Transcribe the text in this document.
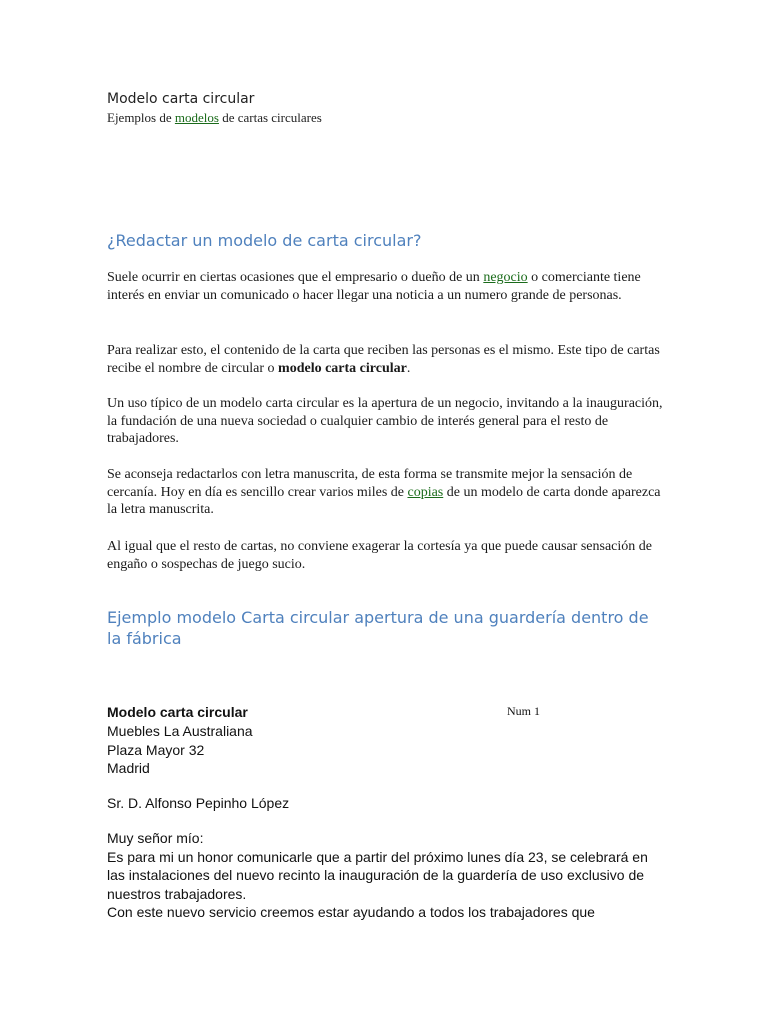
Modelo carta circular
Ejemplos de modelos de cartas circulares
¿Redactar un modelo de carta circular?

Suele ocurrir en ciertas ocasiones que el empresario o dueño de un negocio o comerciante tiene interés en enviar un comunicado o hacer llegar una noticia a un numero grande de personas.

Para realizar esto, el contenido de la carta que reciben las personas es el mismo. Este tipo de cartas recibe el nombre de circular o modelo carta circular.

Un uso típico de un modelo carta circular es la apertura de un negocio, invitando a la inauguración, la fundación de una nueva sociedad o cualquier cambio de interés general para el resto de trabajadores.

Se aconseja redactarlos con letra manuscrita, de esta forma se transmite mejor la sensación de cercanía. Hoy en día es sencillo crear varios miles de copias de un modelo de carta donde aparezca la letra manuscrita.

Al igual que el resto de cartas, no conviene exagerar la cortesía ya que puede causar sensación de engaño o sospechas de juego sucio.

Ejemplo modelo Carta circular apertura de una guardería dentro de la fábrica
Modelo carta circular	Num 1
Muebles La Australiana
Plaza Mayor 32
Madrid
Sr. D. Alfonso Pepinho López

Muy señor mío:

Es para mi un honor comunicarle que a partir del próximo lunes día 23, se celebrará en las instalaciones del nuevo recinto la inauguración de la guardería de uso exclusivo de nuestros trabajadores.

Con este nuevo servicio creemos estar ayudando a todos los trabajadores que
